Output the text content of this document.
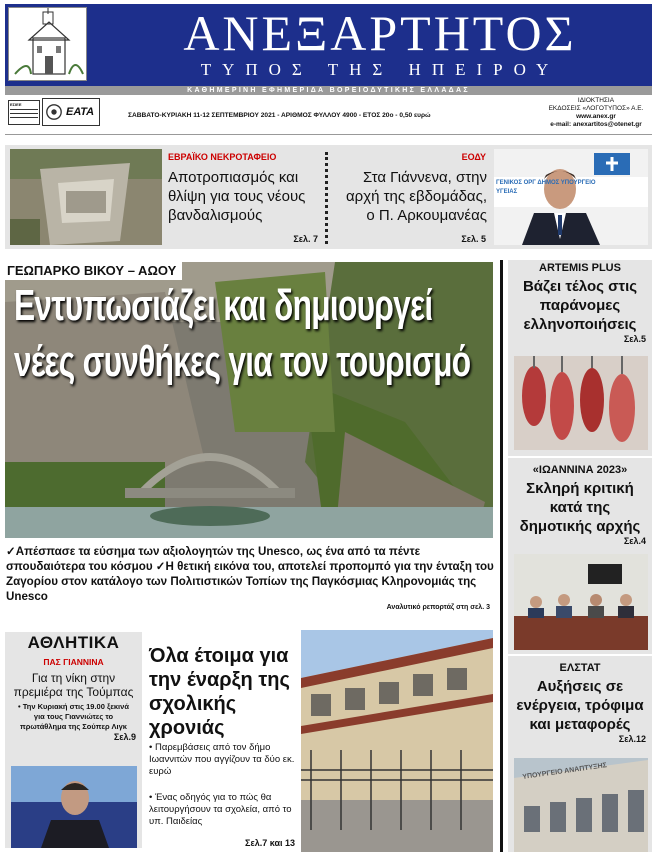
ΑΝΕΞΑΡΤΗΤΟΣ
ΤΥΠΟΣ ΤΗΣ ΗΠΕΙΡΟΥ
ΚΑΘΗΜΕΡΙΝΗ ΕΦΗΜΕΡΙΔΑ ΒΟΡΕΙΟΔΥΤΙΚΗΣ ΕΛΛΑΔΑΣ
ΕΣΙΕΕ
ΕΑΤΑ	ΣΑΒΒΑΤΟ-ΚΥΡΙΑΚΗ 11-12 ΣΕΠΤΕΜΒΡΙΟΥ 2021 - ΑΡΙΘΜΟΣ ΦΥΛΛΟΥ 4900 - ΕΤΟΣ 20ο - 0,50 ευρώ
ΙΔΙΟΚΤΗΣΙΑ
ΕΚΔΟΣΕΙΣ «ΛΟΓΟΤΥΠΟΣ» Α.Ε.
www.anex.gr
e-mail: anexartitos@otenet.gr
ΕΒΡΑΪΚΟ ΝΕΚΡΟΤΑΦΕΙΟ
Αποτροπιασμός και θλίψη για τους νέους βανδαλισμούς
Σελ. 7
ΕΟΔΥ
Στα Γιάννενα, στην αρχή της εβδομάδας, ο Π. Αρκουμανέας
Σελ. 5
ΓΕΝΙΚΟΣ ΟΡΓ ΔΗΜΟΣ ΥΠΟΥΡΓΕΙΟ ΥΓΕΙΑΣ
ΓΕΩΠΑΡΚΟ ΒΙΚΟΥ – ΑΩΟΥ
Εντυπωσιάζει και δημιουργεί
νέες συνθήκες για τον τουρισμό
✓Απέσπασε τα εύσημα των αξιολογητών της Unesco, ως ένα από τα πέντε σπουδαιότερα του κόσμου ✓Η θετική εικόνα του, αποτελεί προπομπό για την ένταξη του Ζαγορίου στον κατάλογο των Πολιτιστικών Τοπίων της Παγκόσμιας Κληρονομιάς της Unesco
Αναλυτικό ρεπορτάζ στη σελ. 3
ARTEMIS PLUS
Βάζει τέλος στις παράνομες ελληνοποιήσεις
Σελ.5
«ΙΩΑΝΝΙΝΑ 2023»
Σκληρή κριτική κατά της δημοτικής αρχής
Σελ.4
ΕΛΣΤΑΤ
Αυξήσεις σε ενέργεια, τρόφιμα και μεταφορές
Σελ.12
ΥΠΟΥΡΓΕΙΟ ΑΝΑΠΤΥΞΗΣ
ΑΘΛΗΤΙΚΑ
ΠΑΣ ΓΙΑΝΝΙΝΑ
Για τη νίκη στην πρεμιέρα της Τούμπας
• Την Κυριακή στις 19.00 ξεκινά για τους Γιαννιώτες το πρωτάθλημα της Σούπερ Λιγκ
Σελ.9
Όλα έτοιμα για την έναρξη της σχολικής χρονιάς
• Παρεμβάσεις από τον δήμο Ιωαννιτών που αγγίζουν τα δύο εκ. ευρώ
• Ένας οδηγός για το πώς θα λειτουργήσουν τα σχολεία, από το υπ. Παιδείας
Σελ.7 και 13
